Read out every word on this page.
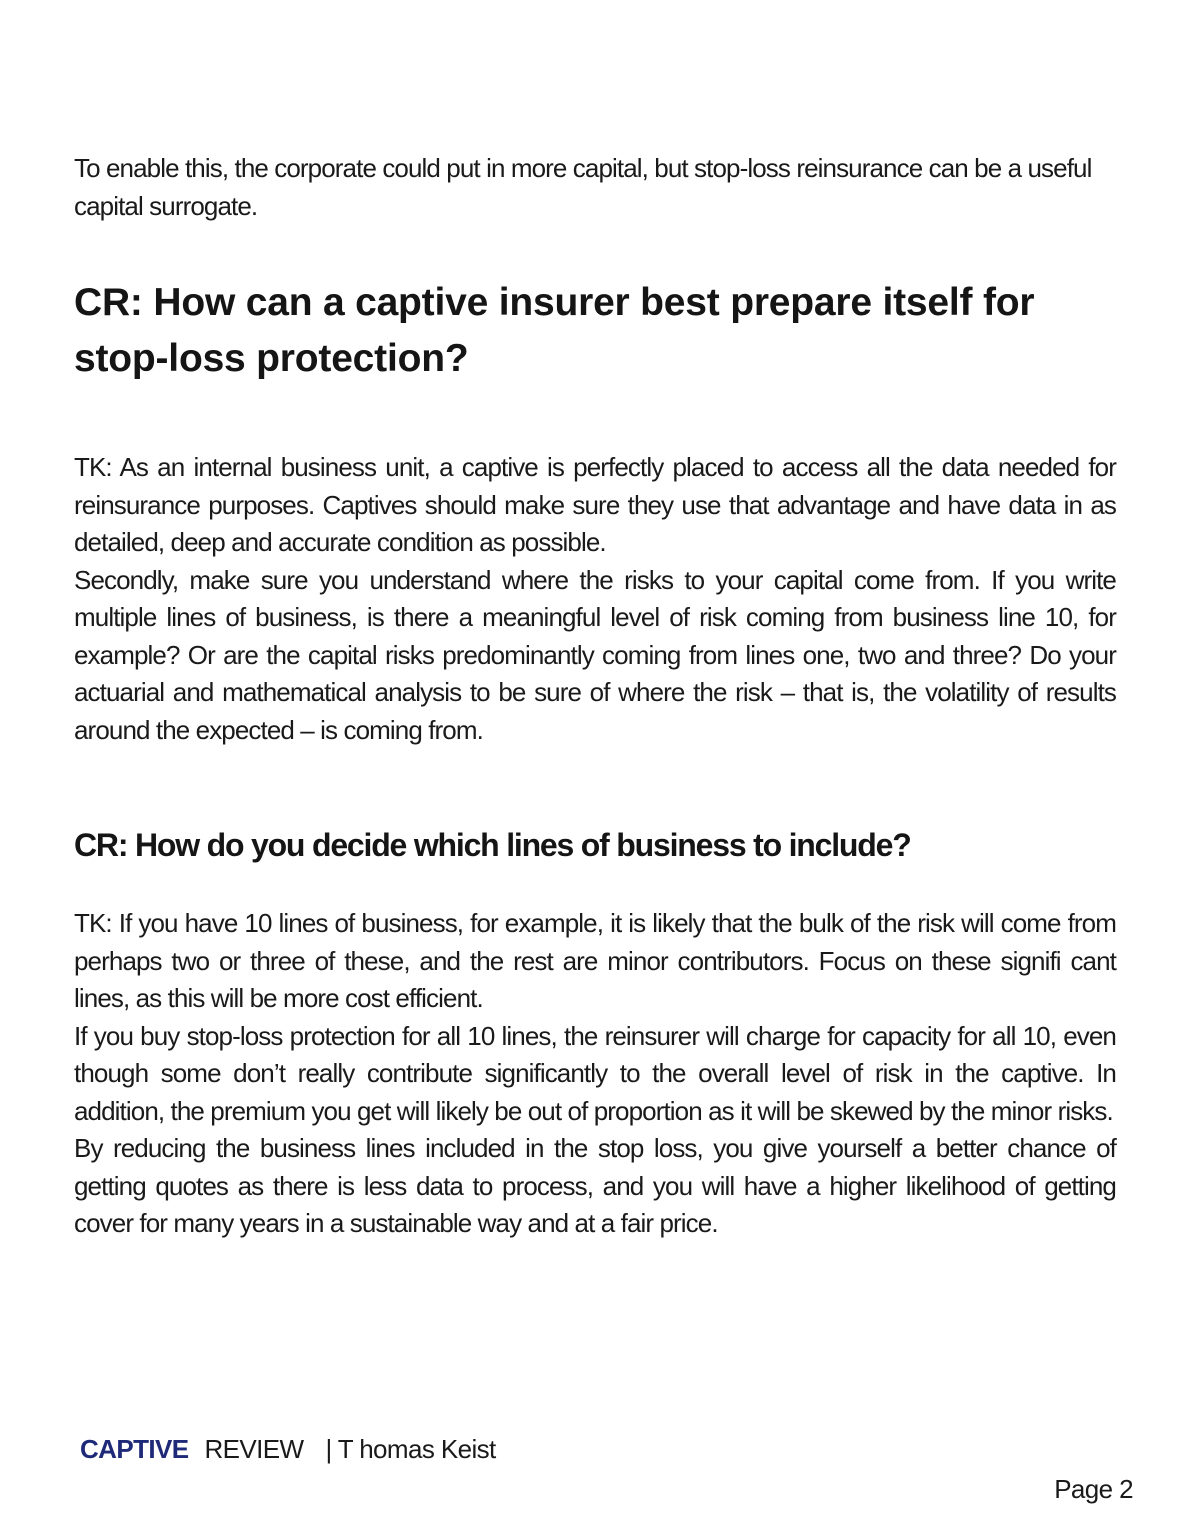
To enable this, the corporate could put in more capital, but stop-loss reinsurance can be a useful capital surrogate.

CR: How can a captive insurer best prepare itself for stop-loss protection?

TK: As an internal business unit, a captive is perfectly placed to access all the data needed for reinsurance purposes. Captives should make sure they use that advantage and have data in as detailed, deep and accurate condition as possible.

Secondly, make sure you understand where the risks to your capital come from. If you write multiple lines of business, is there a meaningful level of risk coming from business line 10, for example? Or are the capital risks predominantly coming from lines one, two and three? Do your actuarial and mathematical analysis to be sure of where the risk – that is, the volatility of results around the expected – is coming from.

CR: How do you decide which lines of business to include?

TK: If you have 10 lines of business, for example, it is likely that the bulk of the risk will come from perhaps two or three of these, and the rest are minor contributors. Focus on these signifi cant lines, as this will be more cost efficient.

If you buy stop-loss protection for all 10 lines, the reinsurer will charge for capacity for all 10, even though some don’t really contribute significantly to the overall level of risk in the captive. In addition, the premium you get will likely be out of proportion as it will be skewed by the minor risks.

By reducing the business lines included in the stop loss, you give yourself a better chance of getting quotes as there is less data to process, and you will have a higher likelihood of getting cover for many years in a sustainable way and at a fair price.

CAPTIVE REVIEW | T homas Keist
Page 2
